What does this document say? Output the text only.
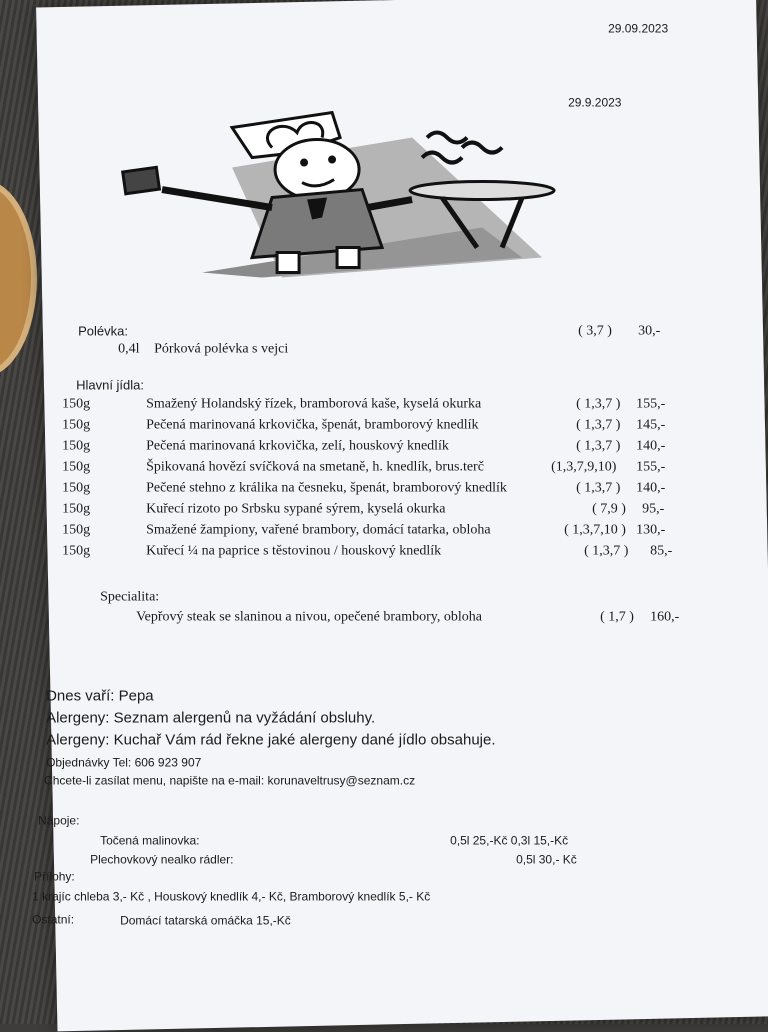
29.09.2023
29.9.2023
Polévka:
0,4l Pórková polévka s vejci
( 3,7 ) 30,-
Hlavní jídla:
150g	Smažený Holandský řízek, bramborová kaše, kyselá okurka	( 1,3,7 ) 155,-
150g	Pečená marinovaná krkovička, špenát, bramborový knedlík	( 1,3,7 ) 145,-
150g	Pečená marinovaná krkovička, zelí, houskový knedlík	( 1,3,7 ) 140,-
150g	Špikovaná hovězí svíčková na smetaně, h. knedlík, brus.terč	(1,3,7,9,10) 155,-
150g	Pečené stehno z králika na česneku, špenát, bramborový knedlík	( 1,3,7 ) 140,-
150g	Kuřecí rizoto po Srbsku sypané sýrem, kyselá okurka	( 7,9 ) 95,-
150g	Smažené žampiony, vařené brambory, domácí tatarka, obloha	( 1,3,7,10 ) 130,-
150g	Kuřecí ¼ na paprice s těstovinou / houskový knedlík	( 1,3,7 ) 85,-
Specialita:
Vepřový steak se slaninou a nivou, opečené brambory, obloha	( 1,7 ) 160,-
Dnes vaří: Pepa
Alergeny: Seznam alergenů na vyžádání obsluhy.
Alergeny: Kuchař Vám rád řekne jaké alergeny dané jídlo obsahuje.
Objednávky Tel: 606 923 907
Chcete-li zasílat menu, napište na e-mail: korunaveltrusy@seznam.cz
Nápoje:
Točená malinovka:	0,5l 25,-Kč 0,3l 15,-Kč
Plechovkový nealko rádler:	0,5l 30,- Kč
Přílohy:
1 krajíc chleba 3,- Kč , Houskový knedlík 4,- Kč, Bramborový knedlík 5,- Kč
Ostatní:	Domácí tatarská omáčka 15,-Kč
